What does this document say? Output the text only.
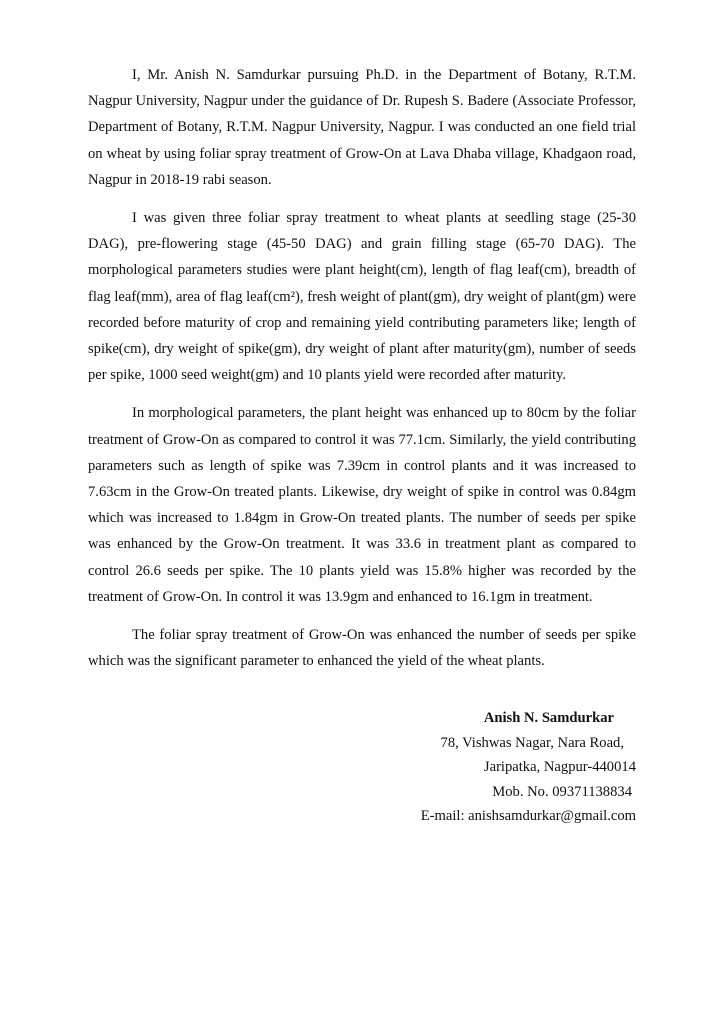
I, Mr. Anish N. Samdurkar pursuing Ph.D. in the Department of Botany, R.T.M. Nagpur University, Nagpur under the guidance of Dr. Rupesh S. Badere (Associate Professor, Department of Botany, R.T.M. Nagpur University, Nagpur. I was conducted an one field trial on wheat by using foliar spray treatment of Grow-On at Lava Dhaba village, Khadgaon road, Nagpur in 2018-19 rabi season.

I was given three foliar spray treatment to wheat plants at seedling stage (25-30 DAG), pre-flowering stage (45-50 DAG) and grain filling stage (65-70 DAG). The morphological parameters studies were plant height(cm), length of flag leaf(cm), breadth of flag leaf(mm), area of flag leaf(cm²), fresh weight of plant(gm), dry weight of plant(gm) were recorded before maturity of crop and remaining yield contributing parameters like; length of spike(cm), dry weight of spike(gm), dry weight of plant after maturity(gm), number of seeds per spike, 1000 seed weight(gm) and 10 plants yield were recorded after maturity.

In morphological parameters, the plant height was enhanced up to 80cm by the foliar treatment of Grow-On as compared to control it was 77.1cm. Similarly, the yield contributing parameters such as length of spike was 7.39cm in control plants and it was increased to 7.63cm in the Grow-On treated plants. Likewise, dry weight of spike in control was 0.84gm which was increased to 1.84gm in Grow-On treated plants. The number of seeds per spike was enhanced by the Grow-On treatment. It was 33.6 in treatment plant as compared to control 26.6 seeds per spike. The 10 plants yield was 15.8% higher was recorded by the treatment of Grow-On. In control it was 13.9gm and enhanced to 16.1gm in treatment.

The foliar spray treatment of Grow-On was enhanced the number of seeds per spike which was the significant parameter to enhanced the yield of the wheat plants.

Anish N. Samdurkar
78, Vishwas Nagar, Nara Road,
Jaripatka, Nagpur-440014
Mob. No. 09371138834
E-mail: anishsamdurkar@gmail.com
